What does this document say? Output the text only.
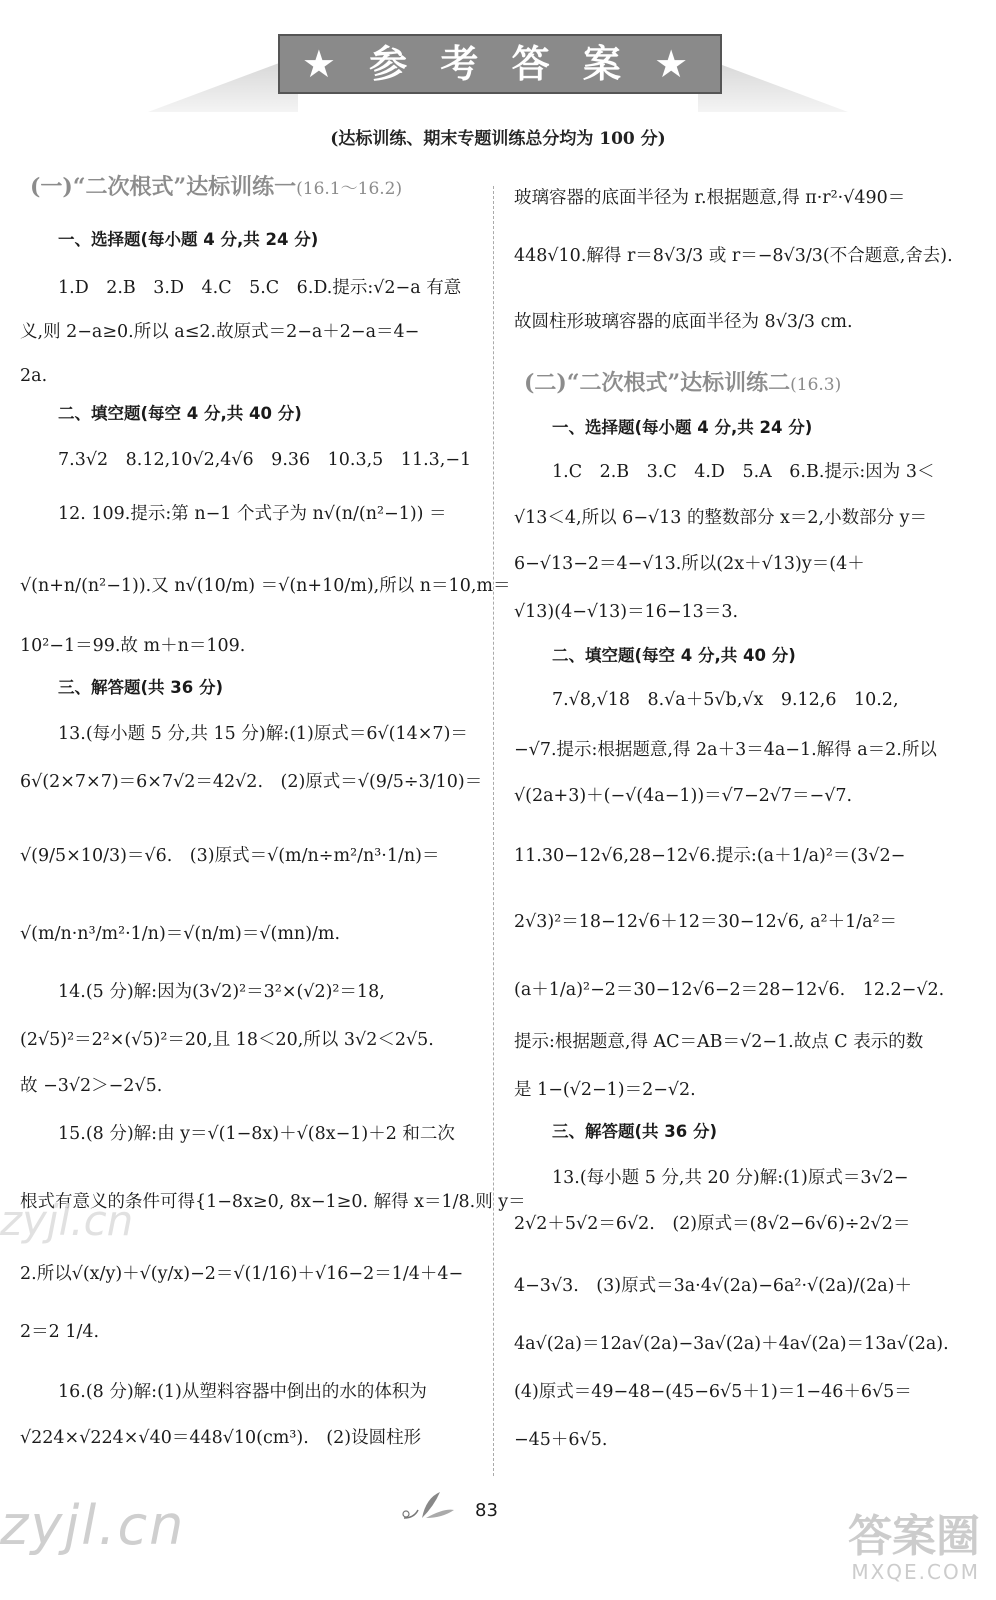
★ 参 考 答 案 ★
(达标训练、期末专题训练总分均为 100 分)
(一)“二次根式”达标训练一(16.1～16.2)
一、选择题(每小题 4 分,共 24 分)
1.D　2.B　3.D　4.C　5.C　6.D.提示:√2−a 有意
义,则 2−a≥0.所以 a≤2.故原式＝2−a＋2−a＝4−
2a.
二、填空题(每空 4 分,共 40 分)
7.3√2　8.12,10√2,4√6　9.36　10.3,5　11.3,−1
12. 109.提示:第 n−1 个式子为 n√(n/(n²−1)) ＝
√(n+n/(n²−1)).又 n√(10/m) ＝√(n+10/m),所以 n＝10,m＝
10²−1＝99.故 m＋n＝109.
三、解答题(共 36 分)
13.(每小题 5 分,共 15 分)解:(1)原式＝6√(14×7)＝
6√(2×7×7)＝6×7√2＝42√2.　(2)原式＝√(9/5÷3/10)＝
√(9/5×10/3)＝√6.　(3)原式＝√(m/n÷m²/n³·1/n)＝
√(m/n·n³/m²·1/n)＝√(n/m)＝√(mn)/m.
14.(5 分)解:因为(3√2)²＝3²×(√2)²＝18,
(2√5)²＝2²×(√5)²＝20,且 18＜20,所以 3√2＜2√5.
故 −3√2＞−2√5.
15.(8 分)解:由 y＝√(1−8x)＋√(8x−1)＋2 和二次
根式有意义的条件可得{1−8x≥0, 8x−1≥0. 解得 x＝1/8.则 y＝
2.所以√(x/y)＋√(y/x)−2＝√(1/16)＋√16−2＝1/4＋4−
2＝2 1/4.
16.(8 分)解:(1)从塑料容器中倒出的水的体积为
√224×√224×√40＝448√10(cm³).　(2)设圆柱形
玻璃容器的底面半径为 r.根据题意,得 π·r²·√490＝
448√10.解得 r＝8√3/3 或 r＝−8√3/3(不合题意,舍去).
故圆柱形玻璃容器的底面半径为 8√3/3 cm.
(二)“二次根式”达标训练二(16.3)
一、选择题(每小题 4 分,共 24 分)
1.C　2.B　3.C　4.D　5.A　6.B.提示:因为 3＜
√13＜4,所以 6−√13 的整数部分 x＝2,小数部分 y＝
6−√13−2＝4−√13.所以(2x＋√13)y＝(4＋
√13)(4−√13)＝16−13＝3.
二、填空题(每空 4 分,共 40 分)
7.√8,√18　8.√a＋5√b,√x　9.12,6　10.2,
−√7.提示:根据题意,得 2a＋3＝4a−1.解得 a＝2.所以
√(2a+3)＋(−√(4a−1))＝√7−2√7＝−√7.
11.30−12√6,28−12√6.提示:(a＋1/a)²＝(3√2−
2√3)²＝18−12√6＋12＝30−12√6, a²＋1/a²＝
(a＋1/a)²−2＝30−12√6−2＝28−12√6.　12.2−√2.
提示:根据题意,得 AC＝AB＝√2−1.故点 C 表示的数
是 1−(√2−1)＝2−√2.
三、解答题(共 36 分)
13.(每小题 5 分,共 20 分)解:(1)原式＝3√2−
2√2＋5√2＝6√2.　(2)原式＝(8√2−6√6)÷2√2＝
4−3√3.　(3)原式＝3a·4√(2a)−6a²·√(2a)/(2a)＋
4a√(2a)＝12a√(2a)−3a√(2a)＋4a√(2a)＝13a√(2a).
(4)原式＝49−48−(45−6√5＋1)＝1−46＋6√5＝
−45＋6√5.
zyjl.cn
83
zyjl.cn	答案圈
MXQE.COM
